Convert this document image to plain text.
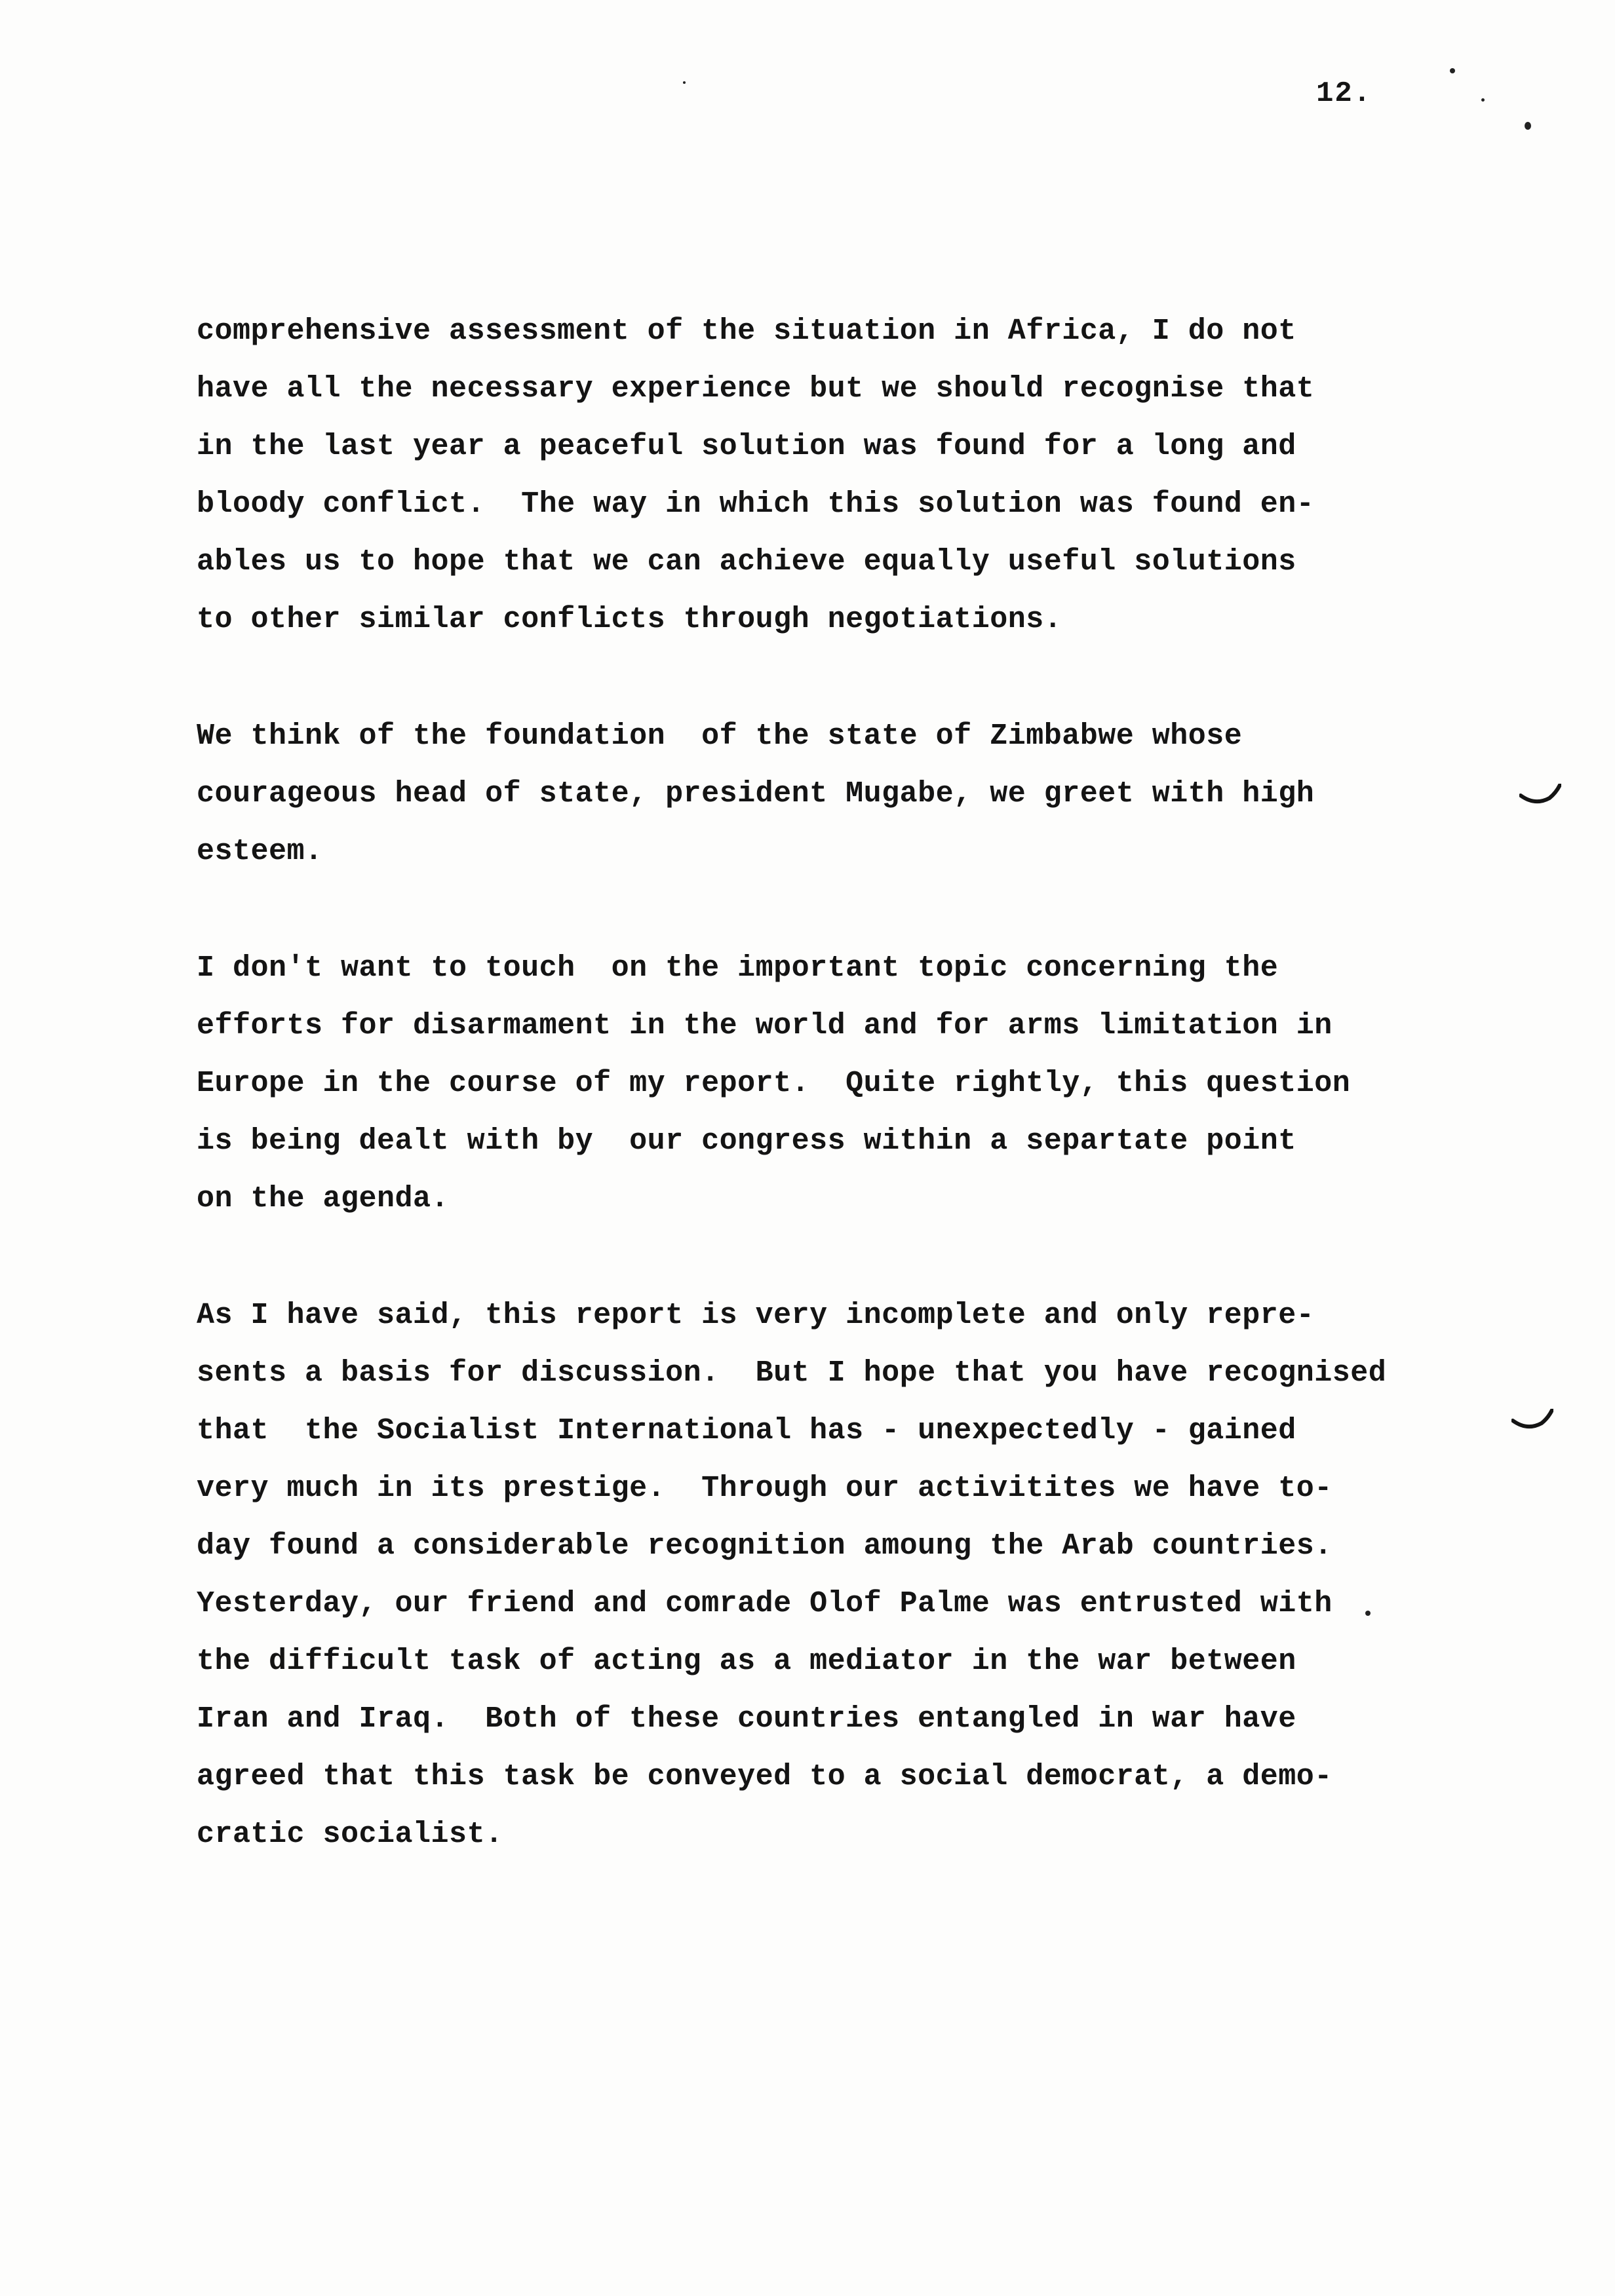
12.
comprehensive assessment of the situation in Africa, I do not
have all the necessary experience but we should recognise that
in the last year a peaceful solution was found for a long and
bloody conflict.  The way in which this solution was found en-
ables us to hope that we can achieve equally useful solutions
to other similar conflicts through negotiations.
We think of the foundation  of the state of Zimbabwe whose
courageous head of state, president Mugabe, we greet with high
esteem.
I don't want to touch  on the important topic concerning the
efforts for disarmament in the world and for arms limitation in
Europe in the course of my report.  Quite rightly, this question
is being dealt with by  our congress within a separtate point
on the agenda.
As I have said, this report is very incomplete and only repre-
sents a basis for discussion.  But I hope that you have recognised
that  the Socialist International has - unexpectedly - gained
very much in its prestige.  Through our activitites we have to-
day found a considerable recognition amoung the Arab countries.
Yesterday, our friend and comrade Olof Palme was entrusted with
the difficult task of acting as a mediator in the war between
Iran and Iraq.  Both of these countries entangled in war have
agreed that this task be conveyed to a social democrat, a demo-
cratic socialist.
